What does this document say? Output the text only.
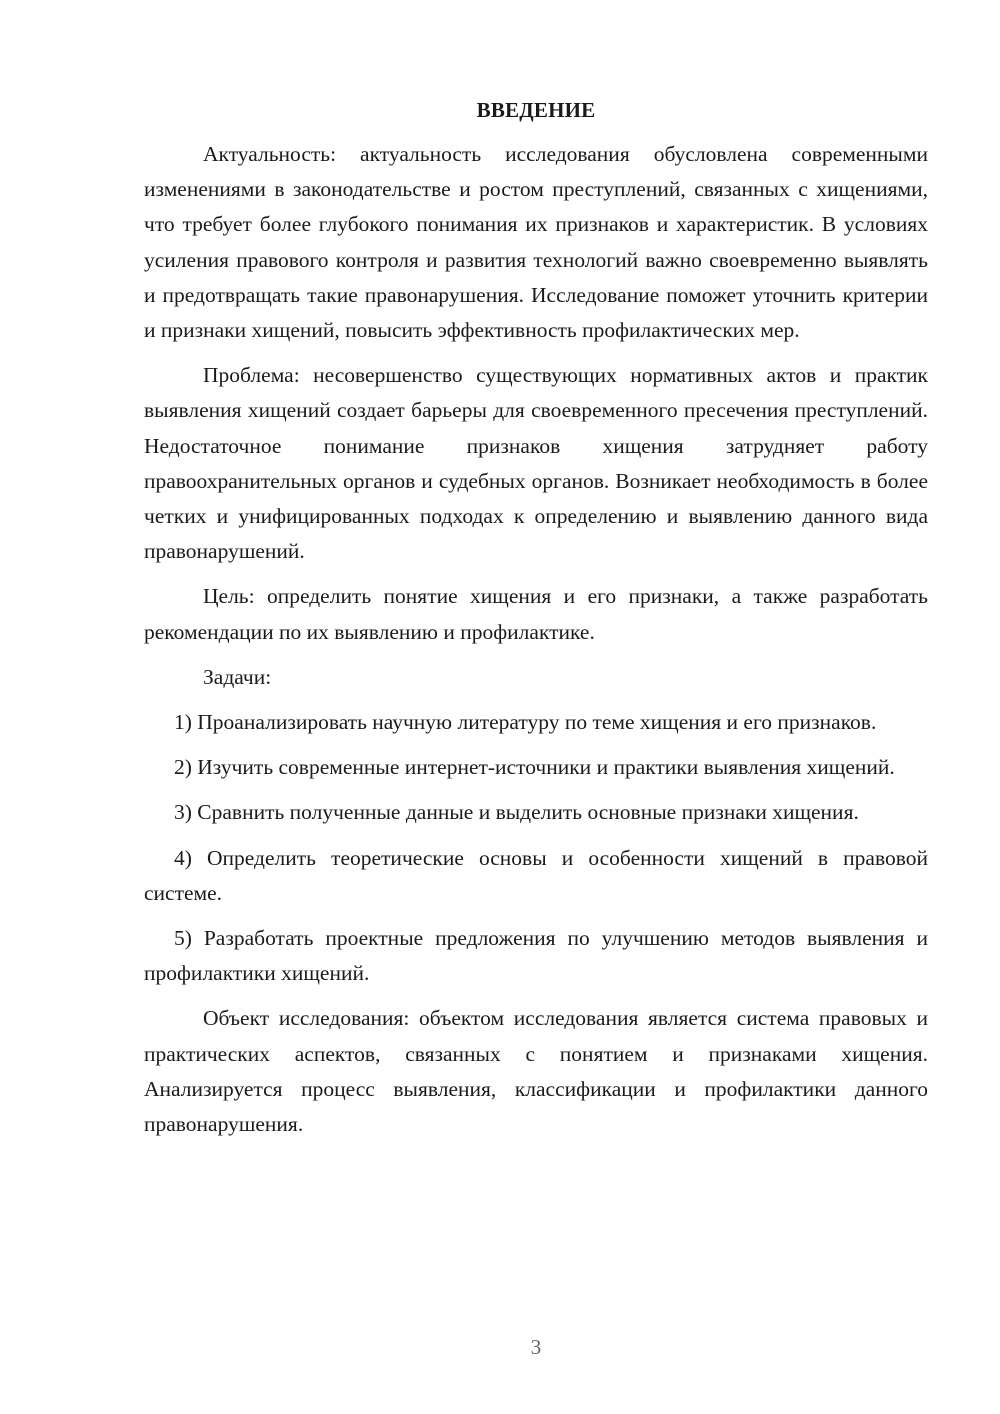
ВВЕДЕНИЕ

Актуальность: актуальность исследования обусловлена современными изменениями в законодательстве и ростом преступлений, связанных с хищениями, что требует более глубокого понимания их признаков и характеристик. В условиях усиления правового контроля и развития технологий важно своевременно выявлять и предотвращать такие правонарушения. Исследование поможет уточнить критерии и признаки хищений, повысить эффективность профилактических мер.

Проблема: несовершенство существующих нормативных актов и практик выявления хищений создает барьеры для своевременного пресечения преступлений. Недостаточное понимание признаков хищения затрудняет работу правоохранительных органов и судебных органов. Возникает необходимость в более четких и унифицированных подходах к определению и выявлению данного вида правонарушений.

Цель: определить понятие хищения и его признаки, а также разработать рекомендации по их выявлению и профилактике.

Задачи:

1) Проанализировать научную литературу по теме хищения и его признаков.

2) Изучить современные интернет-источники и практики выявления хищений.

3) Сравнить полученные данные и выделить основные признаки хищения.

4) Определить теоретические основы и особенности хищений в правовой системе.

5) Разработать проектные предложения по улучшению методов выявления и профилактики хищений.

Объект исследования: объектом исследования является система правовых и практических аспектов, связанных с понятием и признаками хищения. Анализируется процесс выявления, классификации и профилактики данного правонарушения.

3
